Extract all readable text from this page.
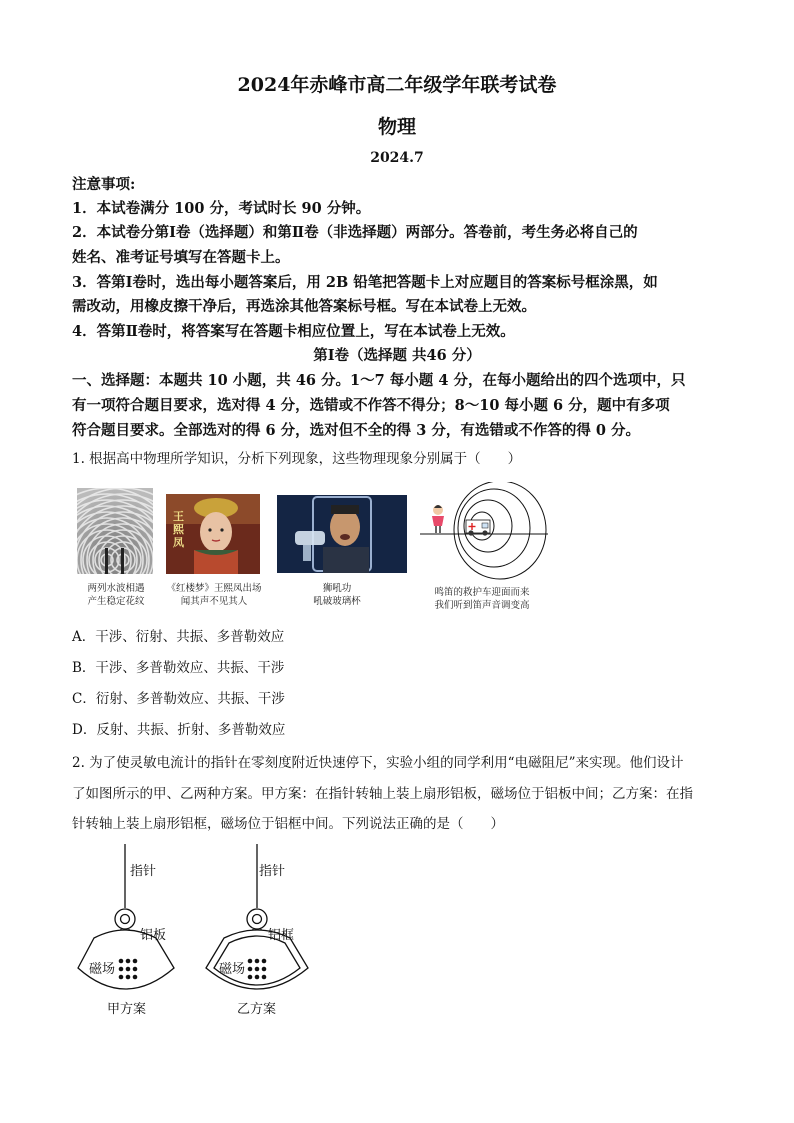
2024年赤峰市高二年级学年联考试卷
物理
2024.7
注意事项:
1．本试卷满分 100 分，考试时长 90 分钟。
2．本试卷分第Ⅰ卷（选择题）和第Ⅱ卷（非选择题）两部分。答卷前，考生务必将自己的
姓名、准考证号填写在答题卡上。
3．答第Ⅰ卷时，选出每小题答案后，用 2B 铅笔把答题卡上对应题目的答案标号框涂黑，如
需改动，用橡皮擦干净后，再选涂其他答案标号框。写在本试卷上无效。
4．答第Ⅱ卷时，将答案写在答题卡相应位置上，写在本试卷上无效。
第Ⅰ卷（选择题 共46 分）
一、选择题：本题共 10 小题，共 46 分。1～7 每小题 4 分，在每小题给出的四个选项中，只
有一项符合题目要求，选对得 4 分，选错或不作答不得分；8～10 每小题 6 分，题中有多项
符合题目要求。全部选对的得 6 分，选对但不全的得 3 分，有选错或不作答的得 0 分。
1. 根据高中物理所学知识，分析下列现象，这些物理现象分别属于（　　）
两列水波相遇
产生稳定花纹
王熙凤
《红楼梦》王熙凤出场
闻其声不见其人
狮吼功
吼破玻璃杯
鸣笛的救护车迎面而来
我们听到笛声音调变高
A．干涉、衍射、共振、多普勒效应
B．干涉、多普勒效应、共振、干涉
C．衍射、多普勒效应、共振、干涉
D．反射、共振、折射、多普勒效应
2. 为了使灵敏电流计的指针在零刻度附近快速停下，实验小组的同学利用“电磁阻尼”来实现。他们设计
了如图所示的甲、乙两种方案。甲方案：在指针转轴上装上扇形铝板，磁场位于铝板中间；乙方案：在指
针转轴上装上扇形铝框，磁场位于铝框中间。下列说法正确的是（　　）
指针
铝板
磁场
甲方案
指针
铝框
磁场
乙方案
